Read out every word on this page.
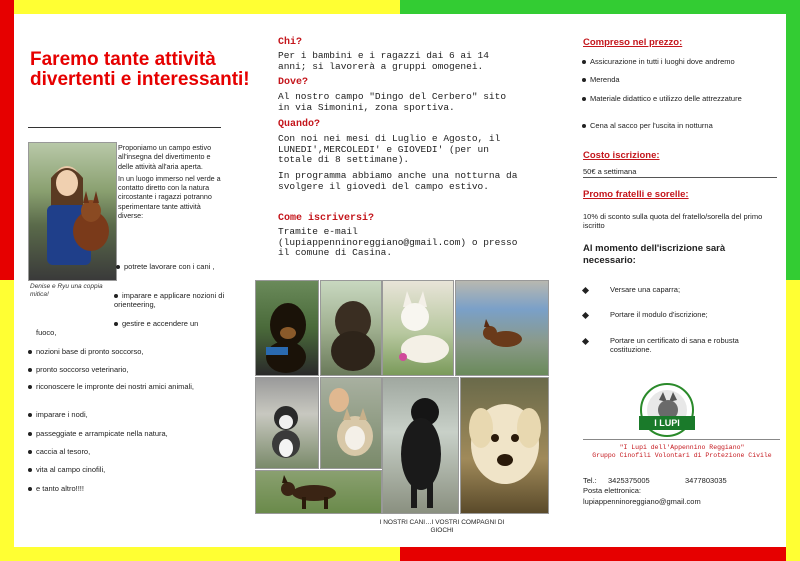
Faremo tante attività divertenti e interessanti!
Denise e Ryu una coppia mitica!

Proponiamo un campo estivo all'insegna del divertimento e delle attività all'aria aperta.

In un luogo immerso nel verde a contatto diretto con la natura circostante i ragazzi potranno sperimentare tante attività diverse:

potrete lavorare con i cani ,
imparare e applicare nozioni di orienteering,
gestire e accendere un
fuoco,
nozioni base di pronto soccorso,
pronto soccorso veterinario,
riconoscere le impronte dei nostri amici animali,
imparare i nodi,
passeggiate e arrampicate nella natura,
caccia al tesoro,
vita al campo cinofili,
e tanto altro!!!!
Chi?
Per i bambini e i ragazzi dai 6 ai 14 anni; si lavorerà a gruppi omogenei.
Dove?
Al nostro campo "Dingo del Cerbero" sito in via Simonini, zona sportiva.
Quando?
Con noi nei mesi di Luglio e Agosto, il LUNEDI',MERCOLEDI' e GIOVEDI' (per un totale di 8 settimane).
In programma abbiamo anche una notturna da svolgere il giovedì del campo estivo.
Come iscriversi?
Tramite e-mail (lupiappenninoreggiano@gmail.com) o presso il comune di Casina.
I NOSTRI CANI…I VOSTRI COMPAGNI DI GIOCHI
Compreso nel prezzo:
Assicurazione in tutti i luoghi dove andremo
Merenda
Materiale didattico e utilizzo delle attrezzature
Cena al sacco per l'uscita in notturna
Costo iscrizione:
50€ a settimana
Promo fratelli e sorelle:
10% di sconto sulla quota del fratello/sorella del primo iscritto
Al momento dell'iscrizione sarà necessario:
Versare una caparra;
Portare il modulo d'iscrizione;
Portare un certificato di sana e robusta costituzione.
I LUPI
"I Lupi dell'Appennino Reggiano"
Gruppo Cinofili Volontari di Protezione Civile
Tel.: 3425375005	3477803035
Posta elettronica:
lupiappenninoreggiano@gmail.com
